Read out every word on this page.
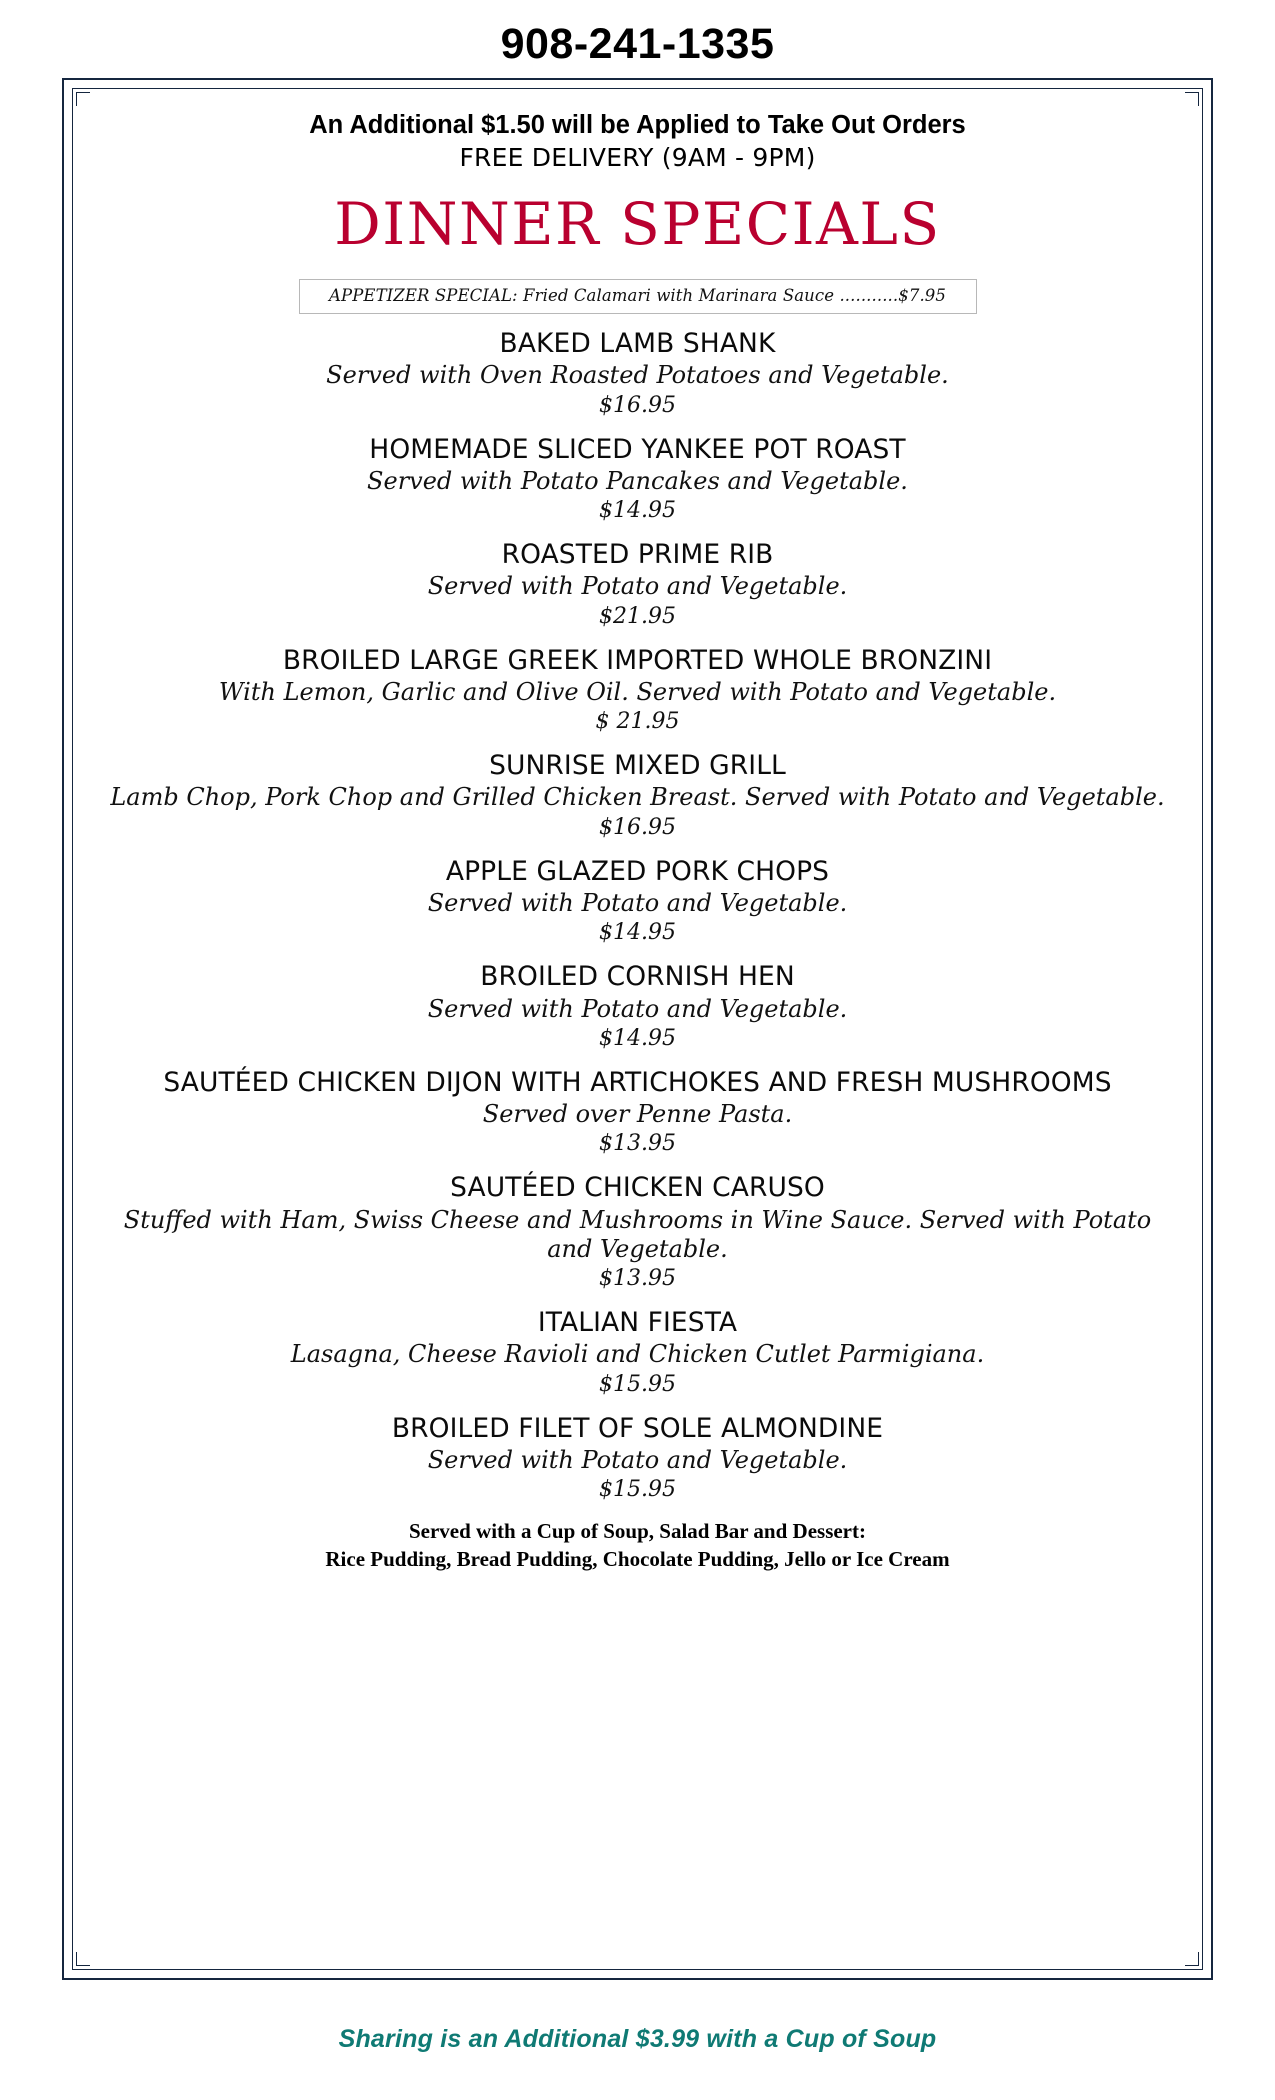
908-241-1335
An Additional $1.50 will be Applied to Take Out Orders
FREE DELIVERY (9AM - 9PM)
DINNER SPECIALS
APPETIZER SPECIAL: Fried Calamari with Marinara Sauce ...........$7.95
BAKED LAMB SHANK
Served with Oven Roasted Potatoes and Vegetable.
$16.95
HOMEMADE SLICED YANKEE POT ROAST
Served with Potato Pancakes and Vegetable.
$14.95
ROASTED PRIME RIB
Served with Potato and Vegetable.
$21.95
BROILED LARGE GREEK IMPORTED WHOLE BRONZINI
With Lemon, Garlic and Olive Oil. Served with Potato and Vegetable.
$ 21.95
SUNRISE MIXED GRILL
Lamb Chop, Pork Chop and Grilled Chicken Breast. Served with Potato and Vegetable.
$16.95
APPLE GLAZED PORK CHOPS
Served with Potato and Vegetable.
$14.95
BROILED CORNISH HEN
Served with Potato and Vegetable.
$14.95
SAUTÉED CHICKEN DIJON WITH ARTICHOKES AND FRESH MUSHROOMS
Served over Penne Pasta.
$13.95
SAUTÉED CHICKEN CARUSO
Stuffed with Ham, Swiss Cheese and Mushrooms in Wine Sauce. Served with Potato and Vegetable.
$13.95
ITALIAN FIESTA
Lasagna, Cheese Ravioli and Chicken Cutlet Parmigiana.
$15.95
BROILED FILET OF SOLE ALMONDINE
Served with Potato and Vegetable.
$15.95
Served with a Cup of Soup, Salad Bar and Dessert:
Rice Pudding, Bread Pudding, Chocolate Pudding, Jello or Ice Cream
Sharing is an Additional $3.99 with a Cup of Soup
